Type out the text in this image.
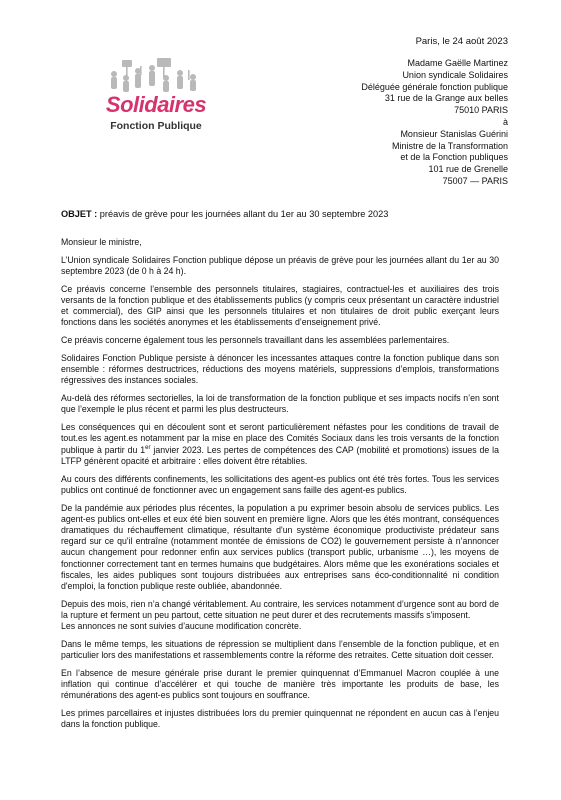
Solidaires
Fonction Publique
Paris, le 24 août 2023
Madame Gaëlle Martinez
Union syndicale Solidaires
Déléguée générale fonction publique
31 rue de la Grange aux belles
75010 PARIS
à
Monsieur Stanislas Guérini
Ministre de la Transformation
et de la Fonction publiques
101 rue de Grenelle
75007 — PARIS
OBJET : préavis de grève pour les journées allant du 1er au 30 septembre 2023

Monsieur le ministre,

L’Union syndicale Solidaires Fonction publique dépose un préavis de grève pour les journées allant du 1er au 30 septembre 2023 (de 0 h à 24 h).

Ce préavis concerne l’ensemble des personnels titulaires, stagiaires, contractuel-les et auxiliaires des trois versants de la fonction publique et des établissements publics (y compris ceux présentant un caractère industriel et commercial), des GIP ainsi que les personnels titulaires et non titulaires de droit public exerçant leurs fonctions dans les sociétés anonymes et les établissements d’enseignement privé.

Ce préavis concerne également tous les personnels travaillant dans les assemblées parlementaires.

Solidaires Fonction Publique persiste à dénoncer les incessantes attaques contre la fonction publique dans son ensemble : réformes destructrices, réductions des moyens matériels, suppressions d’emplois, transformations régressives des instances sociales.

Au-delà des réformes sectorielles, la loi de transformation de la fonction publique et ses impacts nocifs n’en sont que l’exemple le plus récent et parmi les plus destructeurs.

Les conséquences qui en découlent sont et seront particulièrement néfastes pour les conditions de travail de tout.es les agent.es notamment par la mise en place des Comités Sociaux dans les trois versants de la fonction publique à partir du 1er janvier 2023. Les pertes de compétences des CAP (mobilité et promotions) issues de la LTFP génèrent opacité et arbitraire : elles doivent être rétablies.

Au cours des différents confinements, les sollicitations des agent-es publics ont été très fortes. Tous les services publics ont continué de fonctionner avec un engagement sans faille des agent-es publics.

De la pandémie aux périodes plus récentes, la population a pu exprimer besoin absolu de services publics. Les agent-es publics ont-elles et eux été bien souvent en première ligne. Alors que les étés montrant, conséquences dramatiques du réchauffement climatique, résultante d'un système économique productiviste prédateur sans regard sur ce qu'il entraîne (notamment montée de émissions de CO2) le gouvernement persiste à n’annoncer aucun changement pour redonner enfin aux services publics (transport public, urbanisme …), les moyens de fonctionner correctement tant en termes humains que budgétaires. Alors même que les exonérations sociales et fiscales, les aides publiques sont toujours distribuées aux entreprises sans éco-conditionnalité ni condition d'emploi, la fonction publique reste oubliée, abandonnée.

Depuis des mois, rien n’a changé véritablement. Au contraire, les services notamment d’urgence sont au bord de la rupture et ferment un peu partout, cette situation ne peut durer et des recrutements massifs s'imposent.

Les annonces ne sont suivies d’aucune modification concrète.

Dans le même temps, les situations de répression se multiplient dans l’ensemble de la fonction publique, et en particulier lors des manifestations et rassemblements contre la réforme des retraites. Cette situation doit cesser.

En l’absence de mesure générale prise durant le premier quinquennat d’Emmanuel Macron couplée à une inflation qui continue d’accélérer et qui touche de manière très importante les produits de base, les rémunérations des agent-es publics sont toujours en souffrance.

Les primes parcellaires et injustes distribuées lors du premier quinquennat ne répondent en aucun cas à l’enjeu dans la fonction publique.
